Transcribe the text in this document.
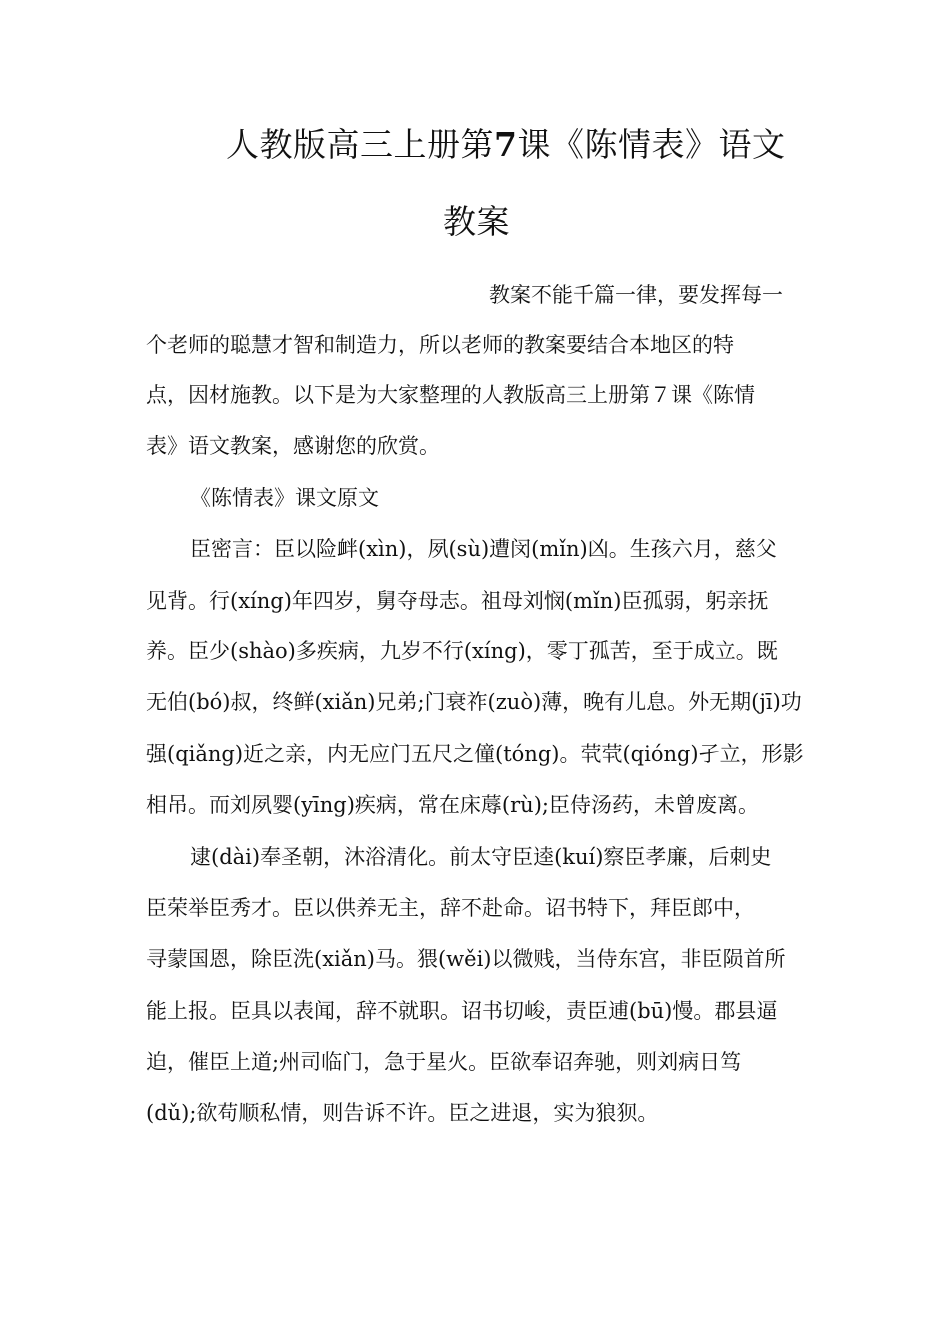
人教版高三上册第7课《陈情表》语文
教案
教案不能千篇一律，要发挥每一
个老师的聪慧才智和制造力，所以老师的教案要结合本地区的特
点，因材施教。以下是为大家整理的人教版高三上册第７课《陈情
表》语文教案，感谢您的欣赏。
《陈情表》课文原文
臣密言：臣以险衅(xìn)，夙(sù)遭闵(mǐn)凶。生孩六月，慈父
见背。行(xíng)年四岁，舅夺母志。祖母刘悯(mǐn)臣孤弱，躬亲抚
养。臣少(shào)多疾病，九岁不行(xíng)，零丁孤苦，至于成立。既
无伯(bó)叔，终鲜(xiǎn)兄弟;门衰祚(zuò)薄，晚有儿息。外无期(jī)功
强(qiǎng)近之亲，内无应门五尺之僮(tóng)。茕茕(qióng)孑立，形影
相吊。而刘夙婴(yīng)疾病，常在床蓐(rù);臣侍汤药，未曾废离。
逮(dài)奉圣朝，沐浴清化。前太守臣逵(kuí)察臣孝廉，后刺史
臣荣举臣秀才。臣以供养无主，辞不赴命。诏书特下，拜臣郎中，
寻蒙国恩，除臣洗(xiǎn)马。猥(wěi)以微贱，当侍东宫，非臣陨首所
能上报。臣具以表闻，辞不就职。诏书切峻，责臣逋(bū)慢。郡县逼
迫，催臣上道;州司临门，急于星火。臣欲奉诏奔驰，则刘病日笃
(dǔ);欲苟顺私情，则告诉不许。臣之进退，实为狼狈。
